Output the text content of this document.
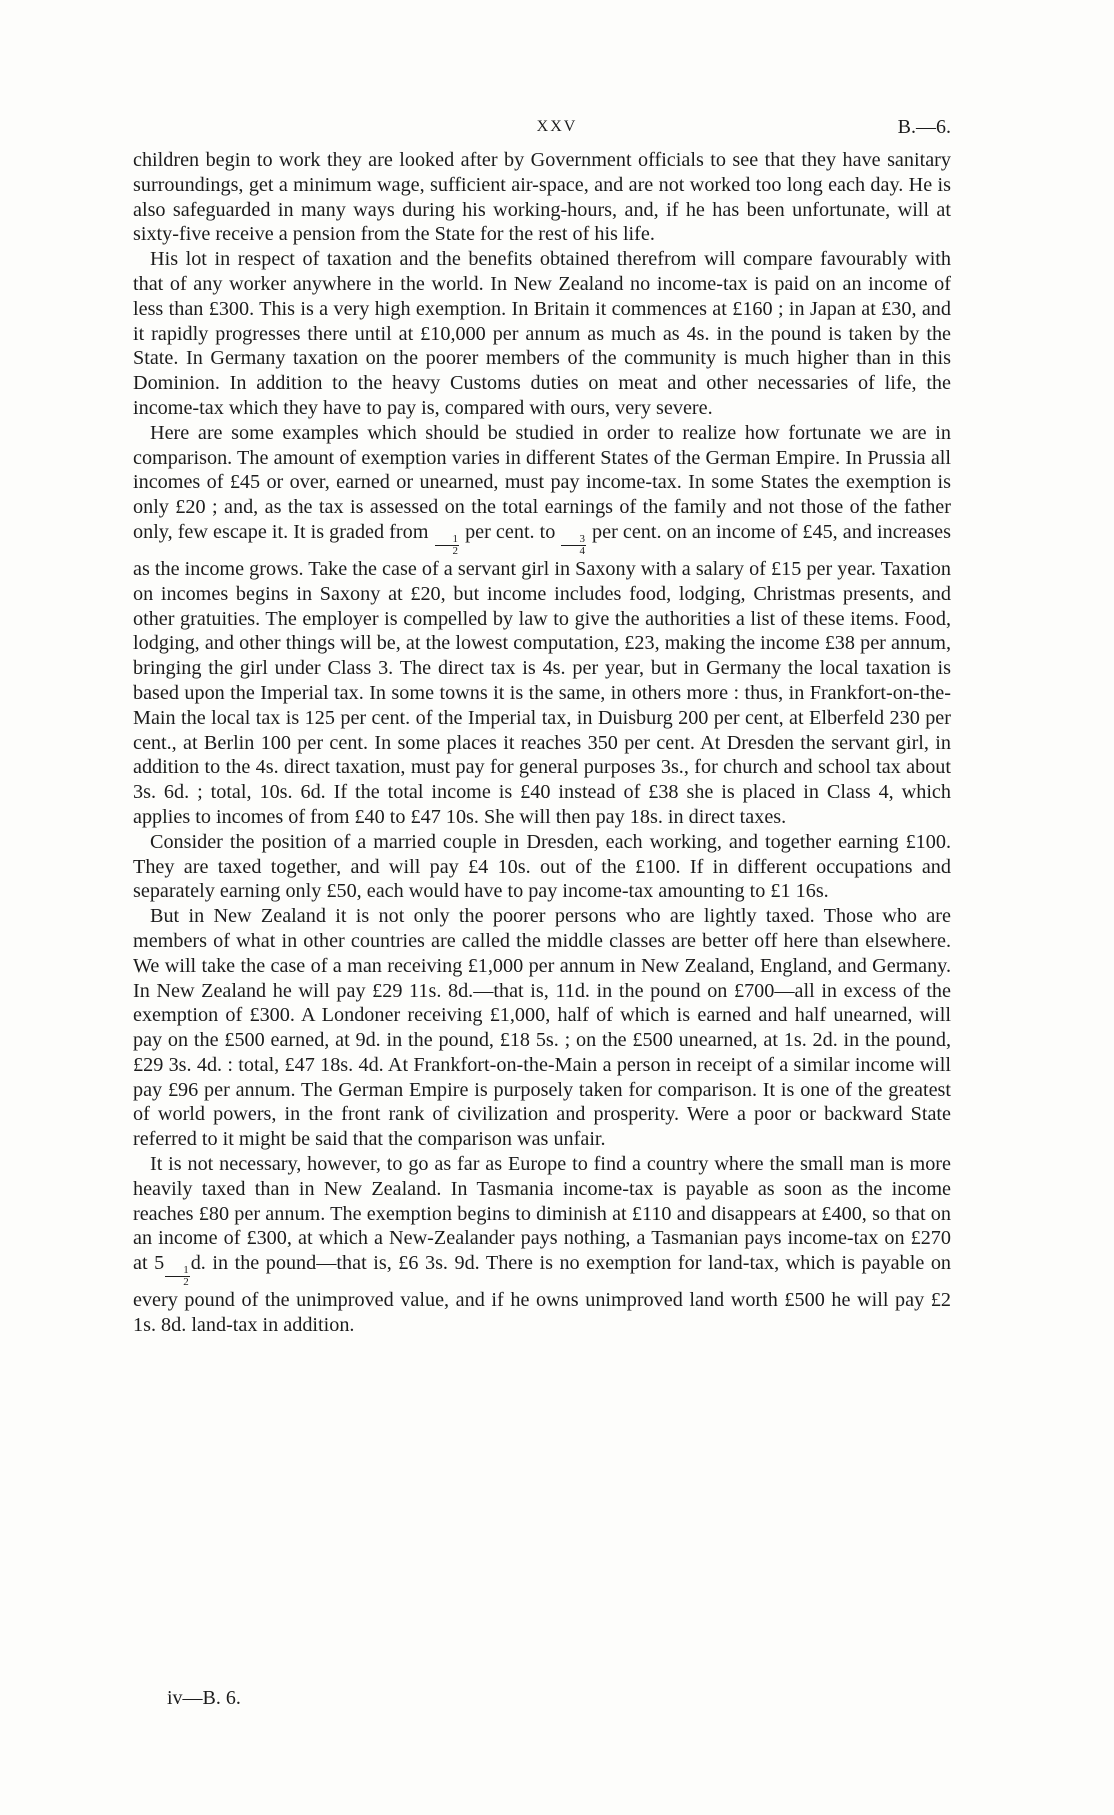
XXV	B.—6.

children begin to work they are looked after by Government officials to see that they have sanitary surroundings, get a minimum wage, sufficient air-space, and are not worked too long each day. He is also safeguarded in many ways during his working-hours, and, if he has been unfortunate, will at sixty-five receive a pension from the State for the rest of his life.

His lot in respect of taxation and the benefits obtained therefrom will compare favourably with that of any worker anywhere in the world. In New Zealand no income-tax is paid on an income of less than £300. This is a very high exemption. In Britain it commences at £160 ; in Japan at £30, and it rapidly progresses there until at £10,000 per annum as much as 4s. in the pound is taken by the State. In Germany taxation on the poorer members of the community is much higher than in this Dominion. In addition to the heavy Customs duties on meat and other necessaries of life, the income-tax which they have to pay is, compared with ours, very severe.

Here are some examples which should be studied in order to realize how fortunate we are in comparison. The amount of exemption varies in different States of the German Empire. In Prussia all incomes of £45 or over, earned or unearned, must pay income-tax. In some States the exemption is only £20 ; and, as the tax is assessed on the total earnings of the family and not those of the father only, few escape it. It is graded from
$\frac{1}{2}$
per cent. to
$\frac{3}{4}$
per cent. on an income of £45, and increases as the income grows. Take the case of a servant girl in Saxony with a salary of £15 per year. Taxation on incomes begins in Saxony at £20, but income includes food, lodging, Christmas presents, and other gratuities. The employer is compelled by law to give the authorities a list of these items. Food, lodging, and other things will be, at the lowest computation, £23, making the income £38 per annum, bringing the girl under Class 3. The direct tax is 4s. per year, but in Germany the local taxation is based upon the Imperial tax. In some towns it is the same, in others more : thus, in Frankfort-on-the-Main the local tax is 125 per cent. of the Imperial tax, in Duisburg 200 per cent, at Elberfeld 230 per cent., at Berlin 100 per cent. In some places it reaches 350 per cent. At Dresden the servant girl, in addition to the 4s. direct taxation, must pay for general purposes 3s., for church and school tax about 3s. 6d. ; total, 10s. 6d. If the total income is £40 instead of £38 she is placed in Class 4, which applies to incomes of from £40 to £47 10s. She will then pay 18s. in direct taxes.

Consider the position of a married couple in Dresden, each working, and together earning £100. They are taxed together, and will pay £4 10s. out of the £100. If in different occupations and separately earning only £50, each would have to pay income-tax amounting to £1 16s.

But in New Zealand it is not only the poorer persons who are lightly taxed. Those who are members of what in other countries are called the middle classes are better off here than elsewhere. We will take the case of a man receiving £1,000 per annum in New Zealand, England, and Germany. In New Zealand he will pay £29 11s. 8d.—that is, 11d. in the pound on £700—all in excess of the exemption of £300. A Londoner receiving £1,000, half of which is earned and half unearned, will pay on the £500 earned, at 9d. in the pound, £18 5s. ; on the £500 unearned, at 1s. 2d. in the pound, £29 3s. 4d. : total, £47 18s. 4d. At Frankfort-on-the-Main a person in receipt of a similar income will pay £96 per annum. The German Empire is purposely taken for comparison. It is one of the greatest of world powers, in the front rank of civilization and prosperity. Were a poor or backward State referred to it might be said that the comparison was unfair.

It is not necessary, however, to go as far as Europe to find a country where the small man is more heavily taxed than in New Zealand. In Tasmania income-tax is payable as soon as the income reaches £80 per annum. The exemption begins to diminish at £110 and disappears at £400, so that on an income of £300, at which a New-Zealander pays nothing, a Tasmanian pays income-tax on £270 at 5
$\frac{1}{2}$
d. in the pound—that is, £6 3s. 9d. There is no exemption for land-tax, which is payable on every pound of the unimproved value, and if he owns unimproved land worth £500 he will pay £2 1s. 8d. land-tax in addition.

iv—B. 6.
